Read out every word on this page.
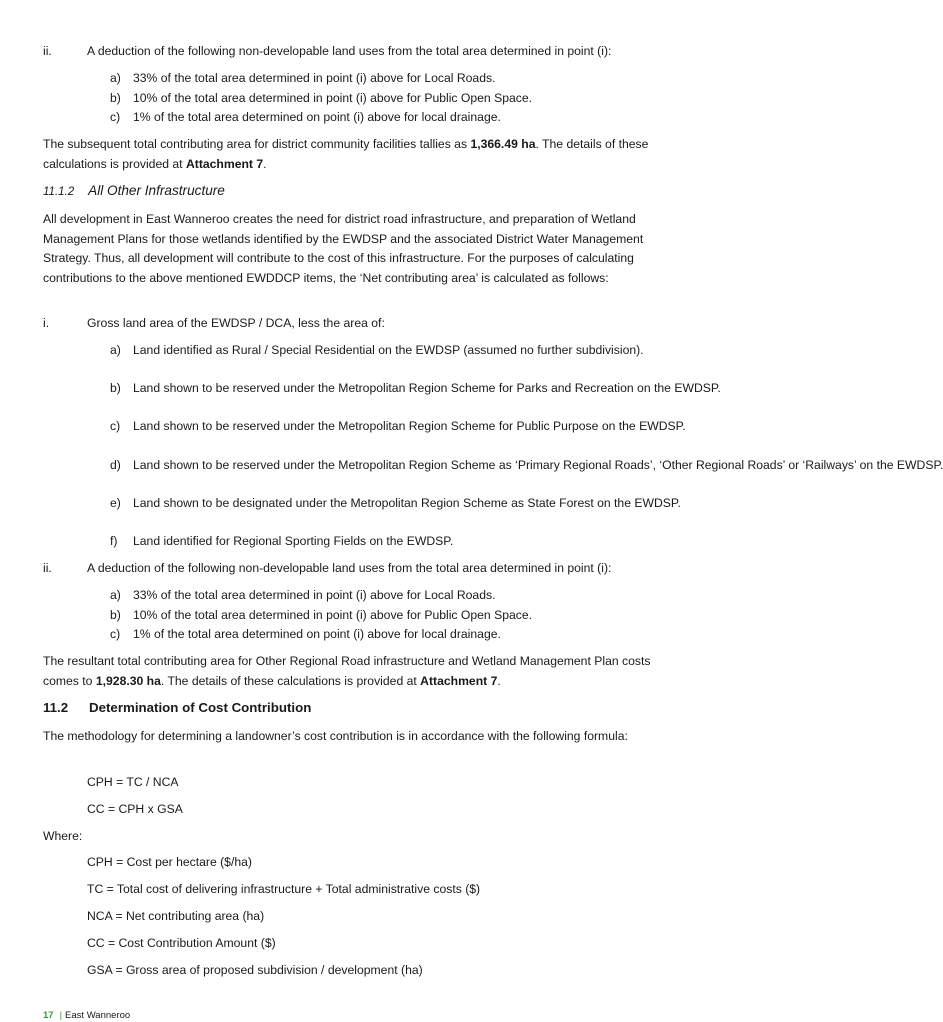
ii.	A deduction of the following non-developable land uses from the total area determined in point (i):
a) 33% of the total area determined in point (i) above for Local Roads.
b) 10% of the total area determined in point (i) above for Public Open Space.
c) 1% of the total area determined on point (i) above for local drainage.

The subsequent total contributing area for district community facilities tallies as 1,366.49 ha. The details of these calculations is provided at Attachment 7.

11.1.2 All Other Infrastructure

All development in East Wanneroo creates the need for district road infrastructure, and preparation of Wetland Management Plans for those wetlands identified by the EWDSP and the associated District Water Management Strategy. Thus, all development will contribute to the cost of this infrastructure. For the purposes of calculating contributions to the above mentioned EWDDCP items, the ‘Net contributing area’ is calculated as follows:

i.	Gross land area of the EWDSP / DCA, less the area of:
a) Land identified as Rural / Special Residential on the EWDSP (assumed no further subdivision).
b) Land shown to be reserved under the Metropolitan Region Scheme for Parks and Recreation on the EWDSP.
c) Land shown to be reserved under the Metropolitan Region Scheme for Public Purpose on the EWDSP.
d) Land shown to be reserved under the Metropolitan Region Scheme as ‘Primary Regional Roads’, ‘Other Regional Roads’ or ‘Railways’ on the EWDSP.
e) Land shown to be designated under the Metropolitan Region Scheme as State Forest on the EWDSP.
f) Land identified for Regional Sporting Fields on the EWDSP.
ii.	A deduction of the following non-developable land uses from the total area determined in point (i):
a) 33% of the total area determined in point (i) above for Local Roads.
b) 10% of the total area determined in point (i) above for Public Open Space.
c) 1% of the total area determined on point (i) above for local drainage.

The resultant total contributing area for Other Regional Road infrastructure and Wetland Management Plan costs comes to 1,928.30 ha. The details of these calculations is provided at Attachment 7.

11.2 Determination of Cost Contribution

The methodology for determining a landowner’s cost contribution is in accordance with the following formula:

CPH = TC / NCA
CC = CPH x GSA
Where:
CPH = Cost per hectare ($/ha)
TC = Total cost of delivering infrastructure + Total administrative costs ($)
NCA = Net contributing area (ha)
CC = Cost Contribution Amount ($)
GSA = Gross area of proposed subdivision / development (ha)
17 | East Wanneroo
